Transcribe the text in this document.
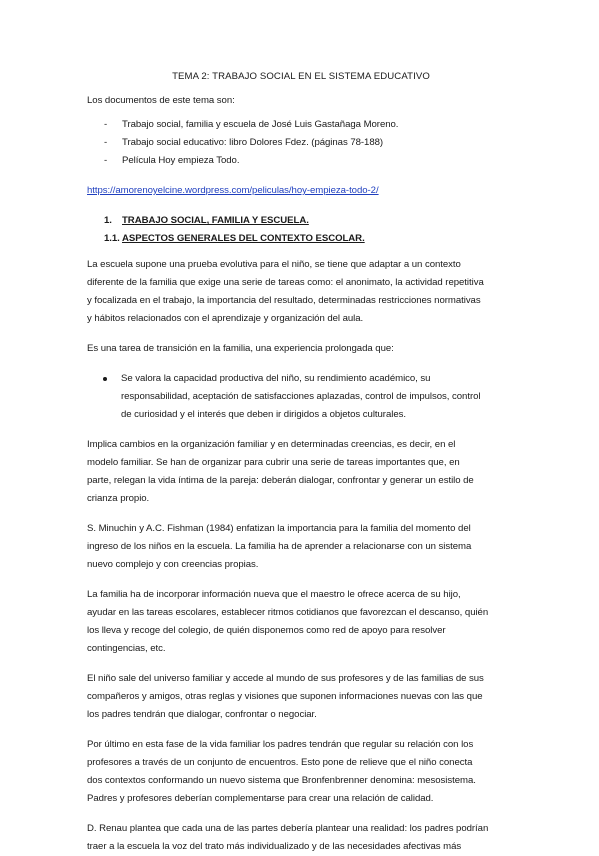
TEMA 2: TRABAJO SOCIAL EN EL SISTEMA EDUCATIVO
Los documentos de este tema son:
- Trabajo social, familia y escuela de José Luis Gastañaga Moreno.
- Trabajo social educativo: libro Dolores Fdez. (páginas 78-188)
- Película Hoy empieza Todo.
https://amorenoyelcine.wordpress.com/peliculas/hoy-empieza-todo-2/
1. TRABAJO SOCIAL, FAMILIA Y ESCUELA.
1.1. ASPECTOS GENERALES DEL CONTEXTO ESCOLAR.
La escuela supone una prueba evolutiva para el niño, se tiene que adaptar a un contexto
diferente de la familia que exige una serie de tareas como: el anonimato, la actividad repetitiva
y focalizada en el trabajo, la importancia del resultado, determinadas restricciones normativas
y hábitos relacionados con el aprendizaje y organización del aula.
Es una tarea de transición en la familia, una experiencia prolongada que:
Se valora la capacidad productiva del niño, su rendimiento académico, su
responsabilidad, aceptación de satisfacciones aplazadas, control de impulsos, control
de curiosidad y el interés que deben ir dirigidos a objetos culturales.
Implica cambios en la organización familiar y en determinadas creencias, es decir, en el
modelo familiar. Se han de organizar para cubrir una serie de tareas importantes que, en
parte, relegan la vida íntima de la pareja: deberán dialogar, confrontar y generar un estilo de
crianza propio.
S. Minuchin y A.C. Fishman (1984) enfatizan la importancia para la familia del momento del
ingreso de los niños en la escuela. La familia ha de aprender a relacionarse con un sistema
nuevo complejo y con creencias propias.
La familia ha de incorporar información nueva que el maestro le ofrece acerca de su hijo,
ayudar en las tareas escolares, establecer ritmos cotidianos que favorezcan el descanso, quién
los lleva y recoge del colegio, de quién disponemos como red de apoyo para resolver
contingencias, etc.
El niño sale del universo familiar y accede al mundo de sus profesores y de las familias de sus
compañeros y amigos, otras reglas y visiones que suponen informaciones nuevas con las que
los padres tendrán que dialogar, confrontar o negociar.
Por último en esta fase de la vida familiar los padres tendrán que regular su relación con los
profesores a través de un conjunto de encuentros. Esto pone de relieve que el niño conecta
dos contextos conformando un nuevo sistema que Bronfenbrenner denomina: mesosistema.
Padres y profesores deberían complementarse para crear una relación de calidad.
D. Renau plantea que cada una de las partes debería plantear una realidad: los padres podrían
traer a la escuela la voz del trato más individualizado y de las necesidades afectivas más
